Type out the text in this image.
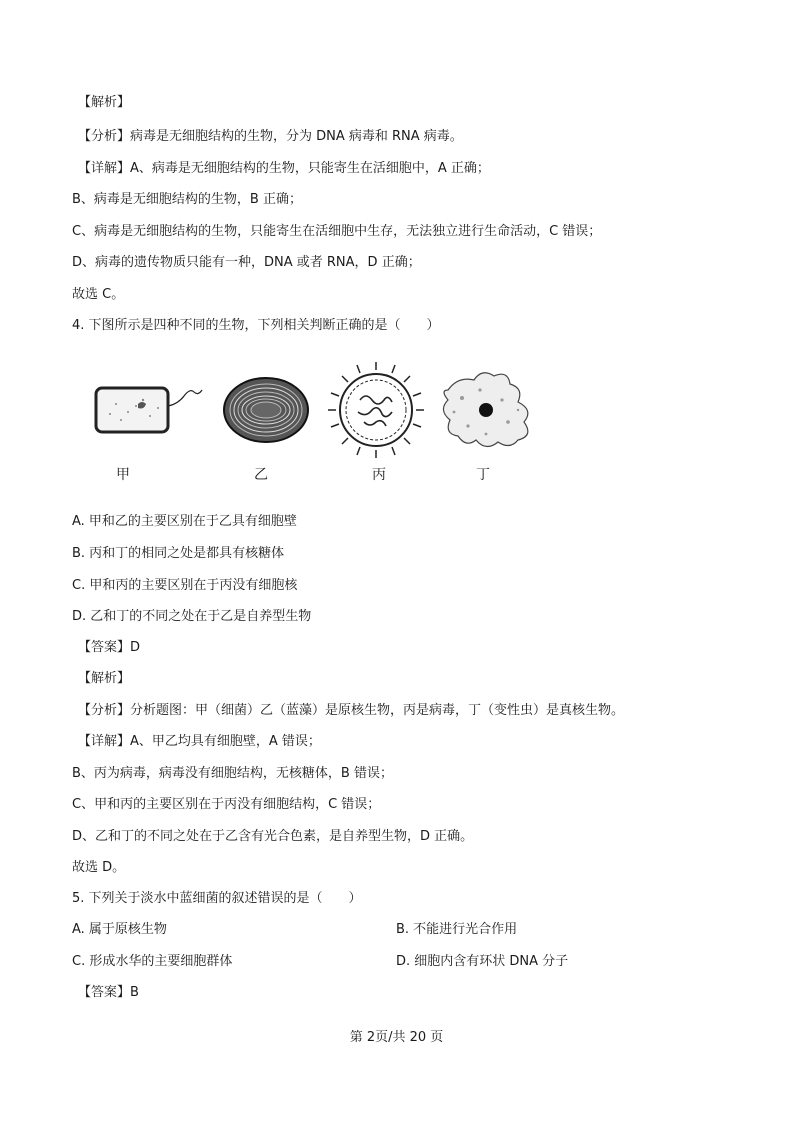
【解析】
【分析】病毒是无细胞结构的生物，分为 DNA 病毒和 RNA 病毒。
【详解】A、病毒是无细胞结构的生物，只能寄生在活细胞中，A 正确；
B、病毒是无细胞结构的生物，B 正确；
C、病毒是无细胞结构的生物，只能寄生在活细胞中生存，无法独立进行生命活动，C 错误；
D、病毒的遗传物质只能有一种，DNA 或者 RNA，D 正确；
故选 C。
4. 下图所示是四种不同的生物，下列相关判断正确的是（　　）
甲	乙	丙	丁
A. 甲和乙的主要区别在于乙具有细胞壁
B. 丙和丁的相同之处是都具有核糖体
C. 甲和丙的主要区别在于丙没有细胞核
D. 乙和丁的不同之处在于乙是自养型生物
【答案】D
【解析】
【分析】分析题图：甲（细菌）乙（蓝藻）是原核生物，丙是病毒，丁（变性虫）是真核生物。
【详解】A、甲乙均具有细胞壁，A 错误；
B、丙为病毒，病毒没有细胞结构，无核糖体，B 错误；
C、甲和丙的主要区别在于丙没有细胞结构，C 错误；
D、乙和丁的不同之处在于乙含有光合色素，是自养型生物，D 正确。
故选 D。
5. 下列关于淡水中蓝细菌的叙述错误的是（　　）
A. 属于原核生物	B. 不能进行光合作用
C. 形成水华的主要细胞群体	D. 细胞内含有环状 DNA 分子
【答案】B
第 2页/共 20 页
